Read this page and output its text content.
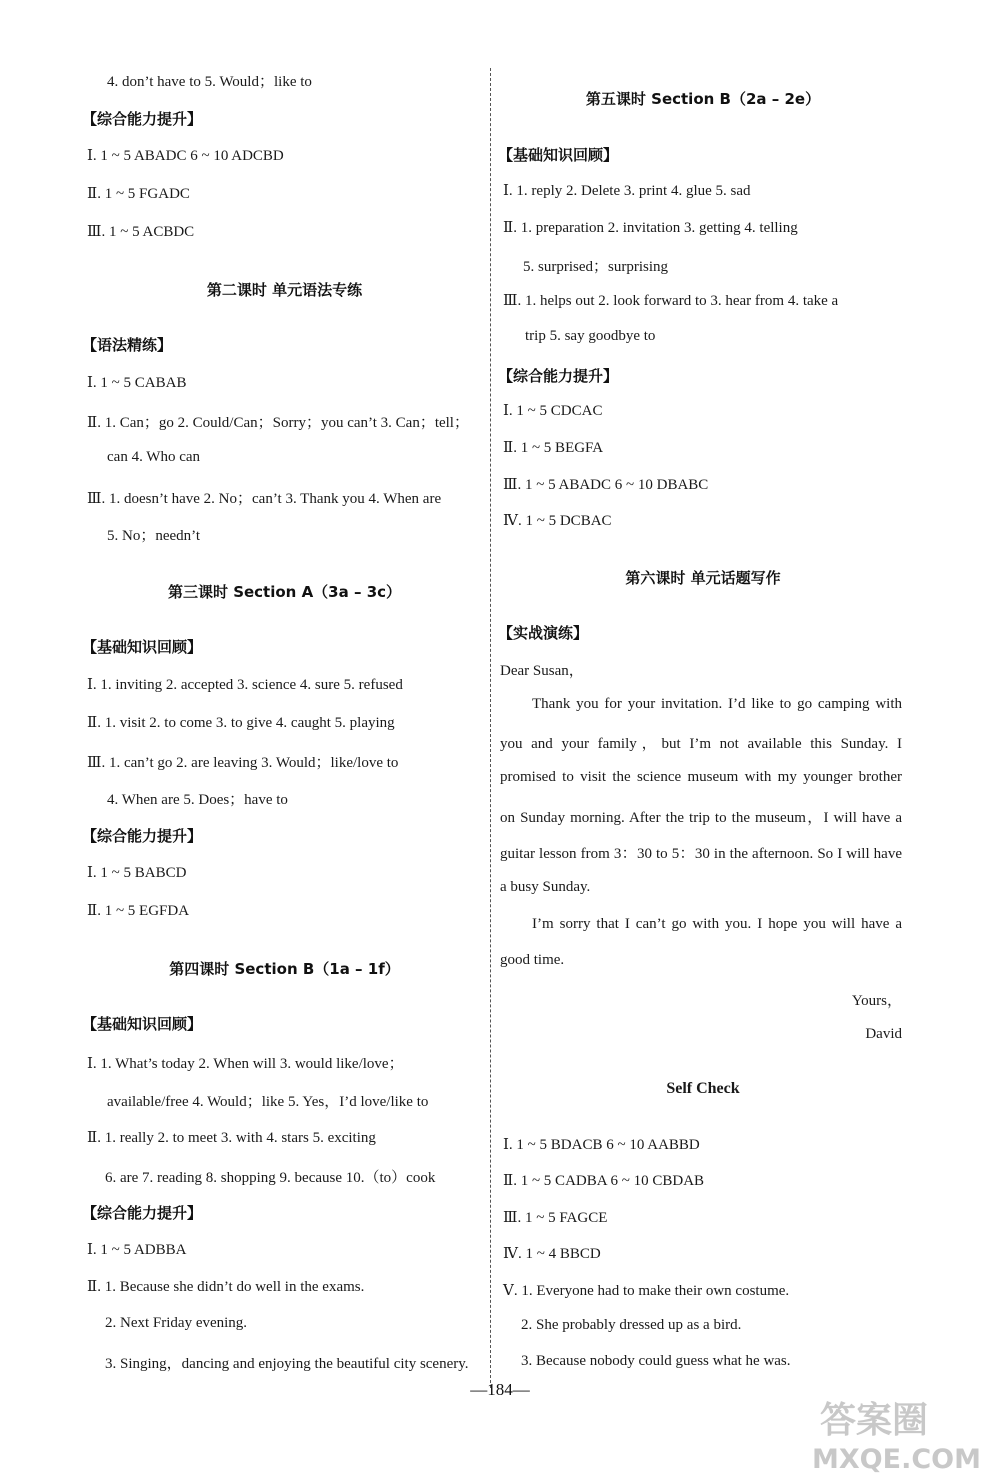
4. don’t have to 5. Would；like to
【综合能力提升】
Ⅰ. 1 ~ 5 ABADC 6 ~ 10 ADCBD
Ⅱ. 1 ~ 5 FGADC
Ⅲ. 1 ~ 5 ACBDC
第二课时 单元语法专练
【语法精练】
Ⅰ. 1 ~ 5 CABAB
Ⅱ. 1. Can；go 2. Could/Can；Sorry；you can’t 3. Can；tell；
can 4. Who can
Ⅲ. 1. doesn’t have 2. No；can’t 3. Thank you 4. When are
5. No；needn’t
第三课时 Section A（3a – 3c）
【基础知识回顾】
Ⅰ. 1. inviting 2. accepted 3. science 4. sure 5. refused
Ⅱ. 1. visit 2. to come 3. to give 4. caught 5. playing
Ⅲ. 1. can’t go 2. are leaving 3. Would；like/love to
4. When are 5. Does；have to
【综合能力提升】
Ⅰ. 1 ~ 5 BABCD
Ⅱ. 1 ~ 5 EGFDA
第四课时 Section B（1a – 1f）
【基础知识回顾】
Ⅰ. 1. What’s today 2. When will 3. would like/love；
available/free 4. Would；like 5. Yes，I’d love/like to
Ⅱ. 1. really 2. to meet 3. with 4. stars 5. exciting
6. are 7. reading 8. shopping 9. because 10.（to）cook
【综合能力提升】
Ⅰ. 1 ~ 5 ADBBA
Ⅱ. 1. Because she didn’t do well in the exams.
2. Next Friday evening.
3. Singing，dancing and enjoying the beautiful city scenery.
第五课时 Section B（2a – 2e）
【基础知识回顾】
Ⅰ. 1. reply 2. Delete 3. print 4. glue 5. sad
Ⅱ. 1. preparation 2. invitation 3. getting 4. telling
5. surprised；surprising
Ⅲ. 1. helps out 2. look forward to 3. hear from 4. take a
trip 5. say goodbye to
【综合能力提升】
Ⅰ. 1 ~ 5 CDCAC
Ⅱ. 1 ~ 5 BEGFA
Ⅲ. 1 ~ 5 ABADC 6 ~ 10 DBABC
Ⅳ. 1 ~ 5 DCBAC
第六课时 单元话题写作
【实战演练】
Dear Susan，
Thank you for your invitation. I’d like to go camping with
you and your family，but I’m not available this Sunday. I
promised to visit the science museum with my younger brother
on Sunday morning. After the trip to the museum，I will have a
guitar lesson from 3：30 to 5：30 in the afternoon. So I will have
a busy Sunday.
I’m sorry that I can’t go with you. I hope you will have a
good time.
Yours，
David
Self Check
Ⅰ. 1 ~ 5 BDACB 6 ~ 10 AABBD
Ⅱ. 1 ~ 5 CADBA 6 ~ 10 CBDAB
Ⅲ. 1 ~ 5 FAGCE
Ⅳ. 1 ~ 4 BBCD
Ⅴ. 1. Everyone had to make their own costume.
2. She probably dressed up as a bird.
3. Because nobody could guess what he was.
—184—
答案圈
MXQE.COM
